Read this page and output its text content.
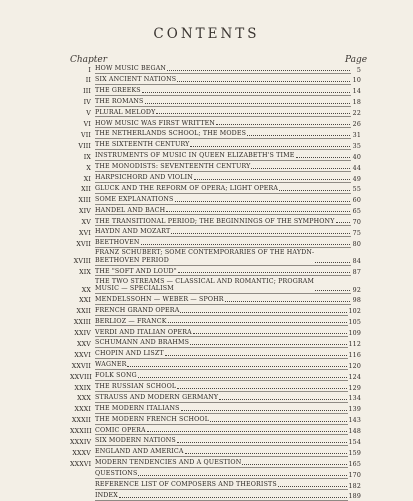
CONTENTS
Chapter	Page
I HOW MUSIC BEGAN	5
II SIX ANCIENT NATIONS	10
III THE GREEKS	14
IV THE ROMANS	18
V PLURAL MELODY	22
VI HOW MUSIC WAS FIRST WRITTEN	26
VII THE NETHERLANDS SCHOOL; THE MODES	31
VIII THE SIXTEENTH CENTURY	35
IX INSTRUMENTS OF MUSIC IN QUEEN ELIZABETH'S TIME	40
X THE MONODISTS: SEVENTEENTH CENTURY	44
XI HARPSICHORD AND VIOLIN	49
XII GLUCK AND THE REFORM OF OPERA; LIGHT OPERA	55
XIII SOME EXPLANATIONS	60
XIV HANDEL AND BACH	65
XV THE TRANSITIONAL PERIOD; THE BEGINNINGS OF THE SYMPHONY	70
XVI HAYDN AND MOZART	75
XVII BEETHOVEN	80
XVIII
FRANZ SCHUBERT; SOME CONTEMPORARIES OF THE HAYDN-
BEETHOVEN PERIOD	84
XIX THE "SOFT AND LOUD"	87
XX
THE TWO STREAMS — CLASSICAL AND ROMANTIC; PROGRAM
MUSIC — SPECIALISM	92
XXI MENDELSSOHN — WEBER — SPOHR	98
XXII FRENCH GRAND OPERA	102
XXIII BERLIOZ — FRANCK	105
XXIV VERDI AND ITALIAN OPERA	109
XXV SCHUMANN AND BRAHMS	112
XXVI CHOPIN AND LISZT	116
XXVII WAGNER	120
XXVIII FOLK SONG	124
XXIX THE RUSSIAN SCHOOL	129
XXX STRAUSS AND MODERN GERMANY	134
XXXI THE MODERN ITALIANS	139
XXXII THE MODERN FRENCH SCHOOL	143
XXXIII COMIC OPERA	148
XXXIV SIX MODERN NATIONS	154
XXXV ENGLAND AND AMERICA	159
XXXVI MODERN TENDENCIES AND A QUESTION	165
QUESTIONS	170
REFERENCE LIST OF COMPOSERS AND THEORISTS	182
INDEX	189
